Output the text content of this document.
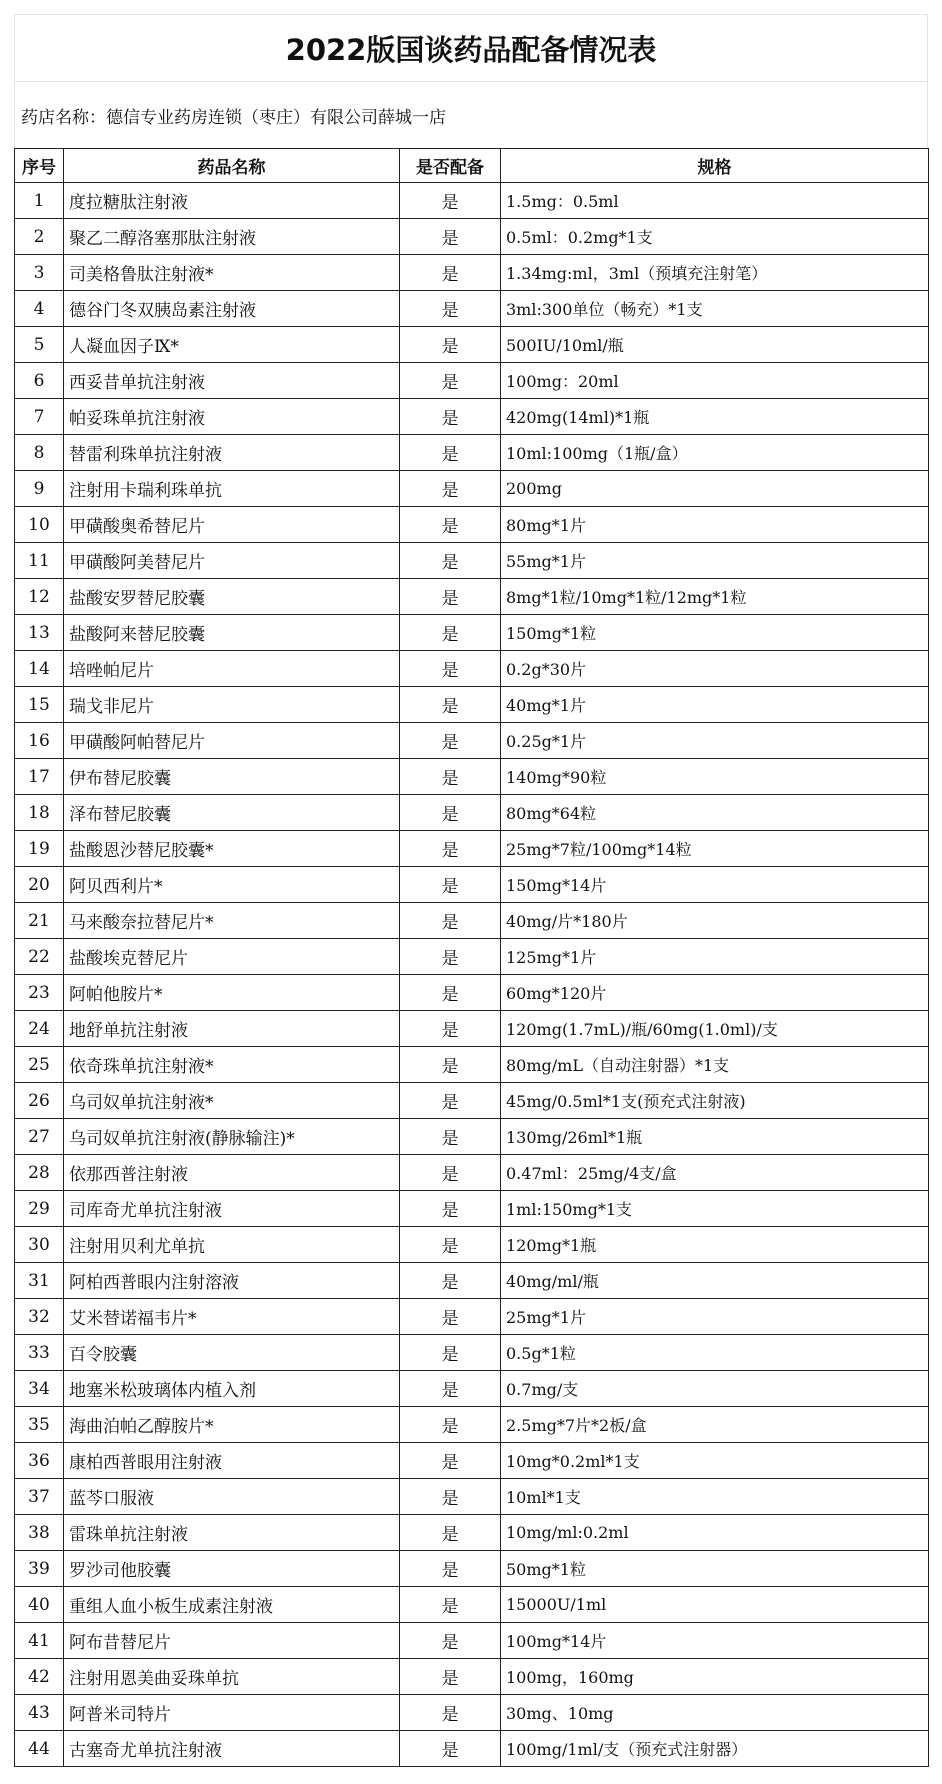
2022版国谈药品配备情况表
药店名称：德信专业药房连锁（枣庄）有限公司薛城一店
序号	药品名称	是否配备	规格
1	度拉糖肽注射液	是	1.5mg：0.5ml
2	聚乙二醇洛塞那肽注射液	是	0.5ml：0.2mg*1支
3	司美格鲁肽注射液*	是	1.34mg:ml，3ml（预填充注射笔）
4	德谷门冬双胰岛素注射液	是	3ml:300单位（畅充）*1支
5	人凝血因子Ⅸ*	是	500IU/10ml/瓶
6	西妥昔单抗注射液	是	100mg：20ml
7	帕妥珠单抗注射液	是	420mg(14ml)*1瓶
8	替雷利珠单抗注射液	是	10ml:100mg（1瓶/盒）
9	注射用卡瑞利珠单抗	是	200mg
10	甲磺酸奥希替尼片	是	80mg*1片
11	甲磺酸阿美替尼片	是	55mg*1片
12	盐酸安罗替尼胶囊	是	8mg*1粒/10mg*1粒/12mg*1粒
13	盐酸阿来替尼胶囊	是	150mg*1粒
14	培唑帕尼片	是	0.2g*30片
15	瑞戈非尼片	是	40mg*1片
16	甲磺酸阿帕替尼片	是	0.25g*1片
17	伊布替尼胶囊	是	140mg*90粒
18	泽布替尼胶囊	是	80mg*64粒
19	盐酸恩沙替尼胶囊*	是	25mg*7粒/100mg*14粒
20	阿贝西利片*	是	150mg*14片
21	马来酸奈拉替尼片*	是	40mg/片*180片
22	盐酸埃克替尼片	是	125mg*1片
23	阿帕他胺片*	是	60mg*120片
24	地舒单抗注射液	是	120mg(1.7mL)/瓶/60mg(1.0ml)/支
25	依奇珠单抗注射液*	是	80mg/mL（自动注射器）*1支
26	乌司奴单抗注射液*	是	45mg/0.5ml*1支(预充式注射液)
27	乌司奴单抗注射液(静脉输注)*	是	130mg/26ml*1瓶
28	依那西普注射液	是	0.47ml：25mg/4支/盒
29	司库奇尤单抗注射液	是	1ml:150mg*1支
30	注射用贝利尤单抗	是	120mg*1瓶
31	阿柏西普眼内注射溶液	是	40mg/ml/瓶
32	艾米替诺福韦片*	是	25mg*1片
33	百令胶囊	是	0.5g*1粒
34	地塞米松玻璃体内植入剂	是	0.7mg/支
35	海曲泊帕乙醇胺片*	是	2.5mg*7片*2板/盒
36	康柏西普眼用注射液	是	10mg*0.2ml*1支
37	蓝芩口服液	是	10ml*1支
38	雷珠单抗注射液	是	10mg/ml:0.2ml
39	罗沙司他胶囊	是	50mg*1粒
40	重组人血小板生成素注射液	是	15000U/1ml
41	阿布昔替尼片	是	100mg*14片
42	注射用恩美曲妥珠单抗	是	100mg，160mg
43	阿普米司特片	是	30mg、10mg
44	古塞奇尤单抗注射液	是	100mg/1ml/支（预充式注射器）
